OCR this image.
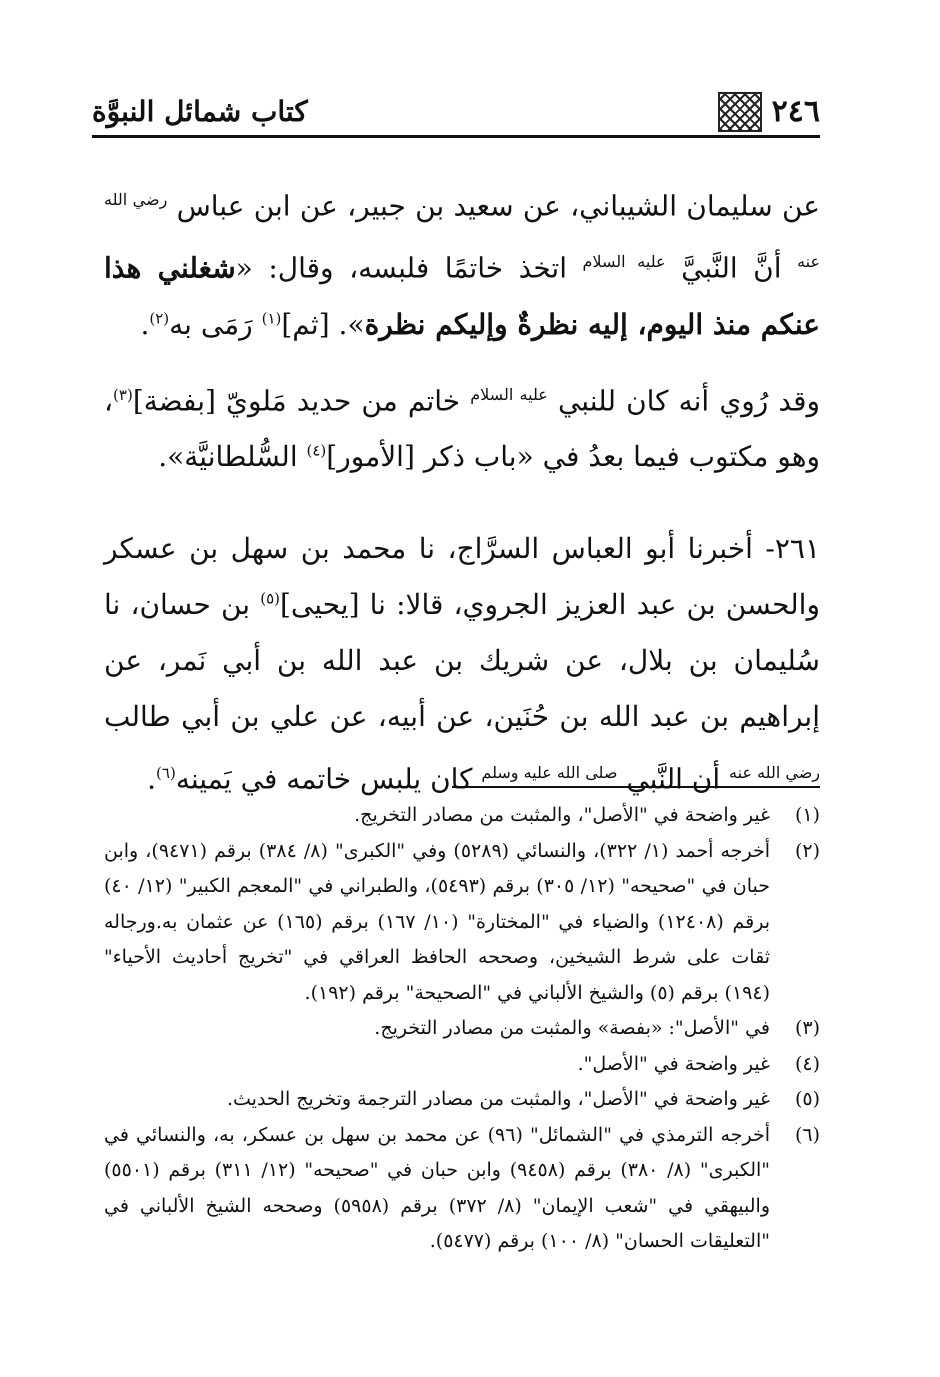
٢٤٦
كتاب شمائل النبوَّة

عن سليمان الشيباني، عن سعيد بن جبير، عن ابن عباس $^{رضي الله عنه}$ أنَّ النَّبيَّ $^{عليه السلام}$ اتخذ خاتمًا فلبسه، وقال: «شغلني هذا عنكم منذ اليوم، إليه نظرةٌ وإليكم نظرة». [ثم]$^{(١)}$ رَمَى به$^{(٢)}$.

وقد رُوي أنه كان للنبي $^{عليه السلام}$ خاتم من حديد مَلويّ [بفضة]$^{(٣)}$، وهو مكتوب فيما بعدُ في «باب ذكر [الأمور]$^{(٤)}$ السُّلطانيَّة».

٢٦١- أخبرنا أبو العباس السرَّاج، نا محمد بن سهل بن عسكر والحسن بن عبد العزيز الجروي، قالا: نا [يحيى]$^{(٥)}$ بن حسان، نا سُليمان بن بلال، عن شريك بن عبد الله بن أبي نَمر، عن إبراهيم بن عبد الله بن حُنَين، عن أبيه، عن علي بن أبي طالب $^{رضي الله عنه}$ أن النَّبي $^{صلى الله عليه وسلم}$ كان يلبس خاتمه في يَمينه$^{(٦)}$.

(١)
غير واضحة في "الأصل"، والمثبت من مصادر التخريج.
(٢)
أخرجه أحمد (١/ ٣٢٢)، والنسائي (٥٢٨٩) وفي "الكبرى" (٨/ ٣٨٤) برقم (٩٤٧١)، وابن حبان في "صحيحه" (١٢/ ٣٠٥) برقم (٥٤٩٣)، والطبراني في "المعجم الكبير" (١٢/ ٤٠) برقم (١٢٤٠٨) والضياء في "المختارة" (١٠/ ١٦٧) برقم (١٦٥) عن عثمان به.ورجاله ثقات على شرط الشيخين، وصححه الحافظ العراقي في "تخريج أحاديث الأحياء" (١٩٤) برقم (٥) والشيخ الألباني في "الصحيحة" برقم (١٩٢).
(٣)
في "الأصل": «بفصة» والمثبت من مصادر التخريج.
(٤)
غير واضحة في "الأصل".
(٥)
غير واضحة في "الأصل"، والمثبت من مصادر الترجمة وتخريج الحديث.
(٦)
أخرجه الترمذي في "الشمائل" (٩٦) عن محمد بن سهل بن عسكر، به، والنسائي في "الكبرى" (٨/ ٣٨٠) برقم (٩٤٥٨) وابن حبان في "صحيحه" (١٢/ ٣١١) برقم (٥٥٠١) والبيهقي في "شعب الإيمان" (٨/ ٣٧٢) برقم (٥٩٥٨) وصححه الشيخ الألباني في "التعليقات الحسان" (٨/ ١٠٠) برقم (٥٤٧٧).
